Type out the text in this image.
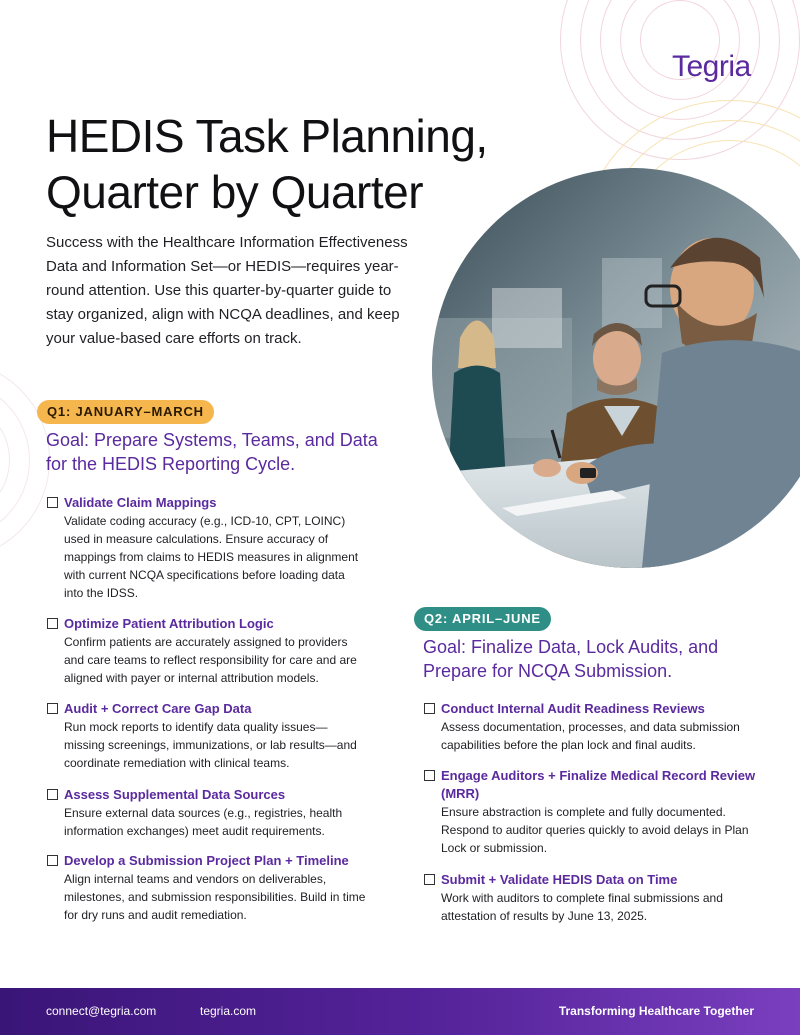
Tegria
HEDIS Task Planning,
Quarter by Quarter

Success with the Healthcare Information Effectiveness Data and Information Set—or HEDIS—requires year-round attention. Use this quarter-by-quarter guide to stay organized, align with NCQA deadlines, and keep your value-based care efforts on track.

Q1: JANUARY–MARCH
Goal: Prepare Systems, Teams, and Data for the HEDIS Reporting Cycle.
Validate Claim Mappings
Validate coding accuracy (e.g., ICD-10, CPT, LOINC) used in measure calculations. Ensure accuracy of mappings from claims to HEDIS measures in alignment with current NCQA specifications before loading data into the IDSS.
Optimize Patient Attribution Logic
Confirm patients are accurately assigned to providers and care teams to reflect responsibility for care and are aligned with payer or internal attribution models.
Audit + Correct Care Gap Data
Run mock reports to identify data quality issues—missing screenings, immunizations, or lab results—and coordinate remediation with clinical teams.
Assess Supplemental Data Sources
Ensure external data sources (e.g., registries, health information exchanges) meet audit requirements.
Develop a Submission Project Plan + Timeline
Align internal teams and vendors on deliverables, milestones, and submission responsibilities. Build in time for dry runs and audit remediation.
Q2: APRIL–JUNE
Goal: Finalize Data, Lock Audits, and Prepare for NCQA Submission.
Conduct Internal Audit Readiness Reviews
Assess documentation, processes, and data submission capabilities before the plan lock and final audits.
Engage Auditors + Finalize Medical Record Review (MRR)
Ensure abstraction is complete and fully documented. Respond to auditor queries quickly to avoid delays in Plan Lock or submission.
Submit + Validate HEDIS Data on Time
Work with auditors to complete final submissions and attestation of results by June 13, 2025.
connect@tegria.com	tegria.com	Transforming Healthcare Together
